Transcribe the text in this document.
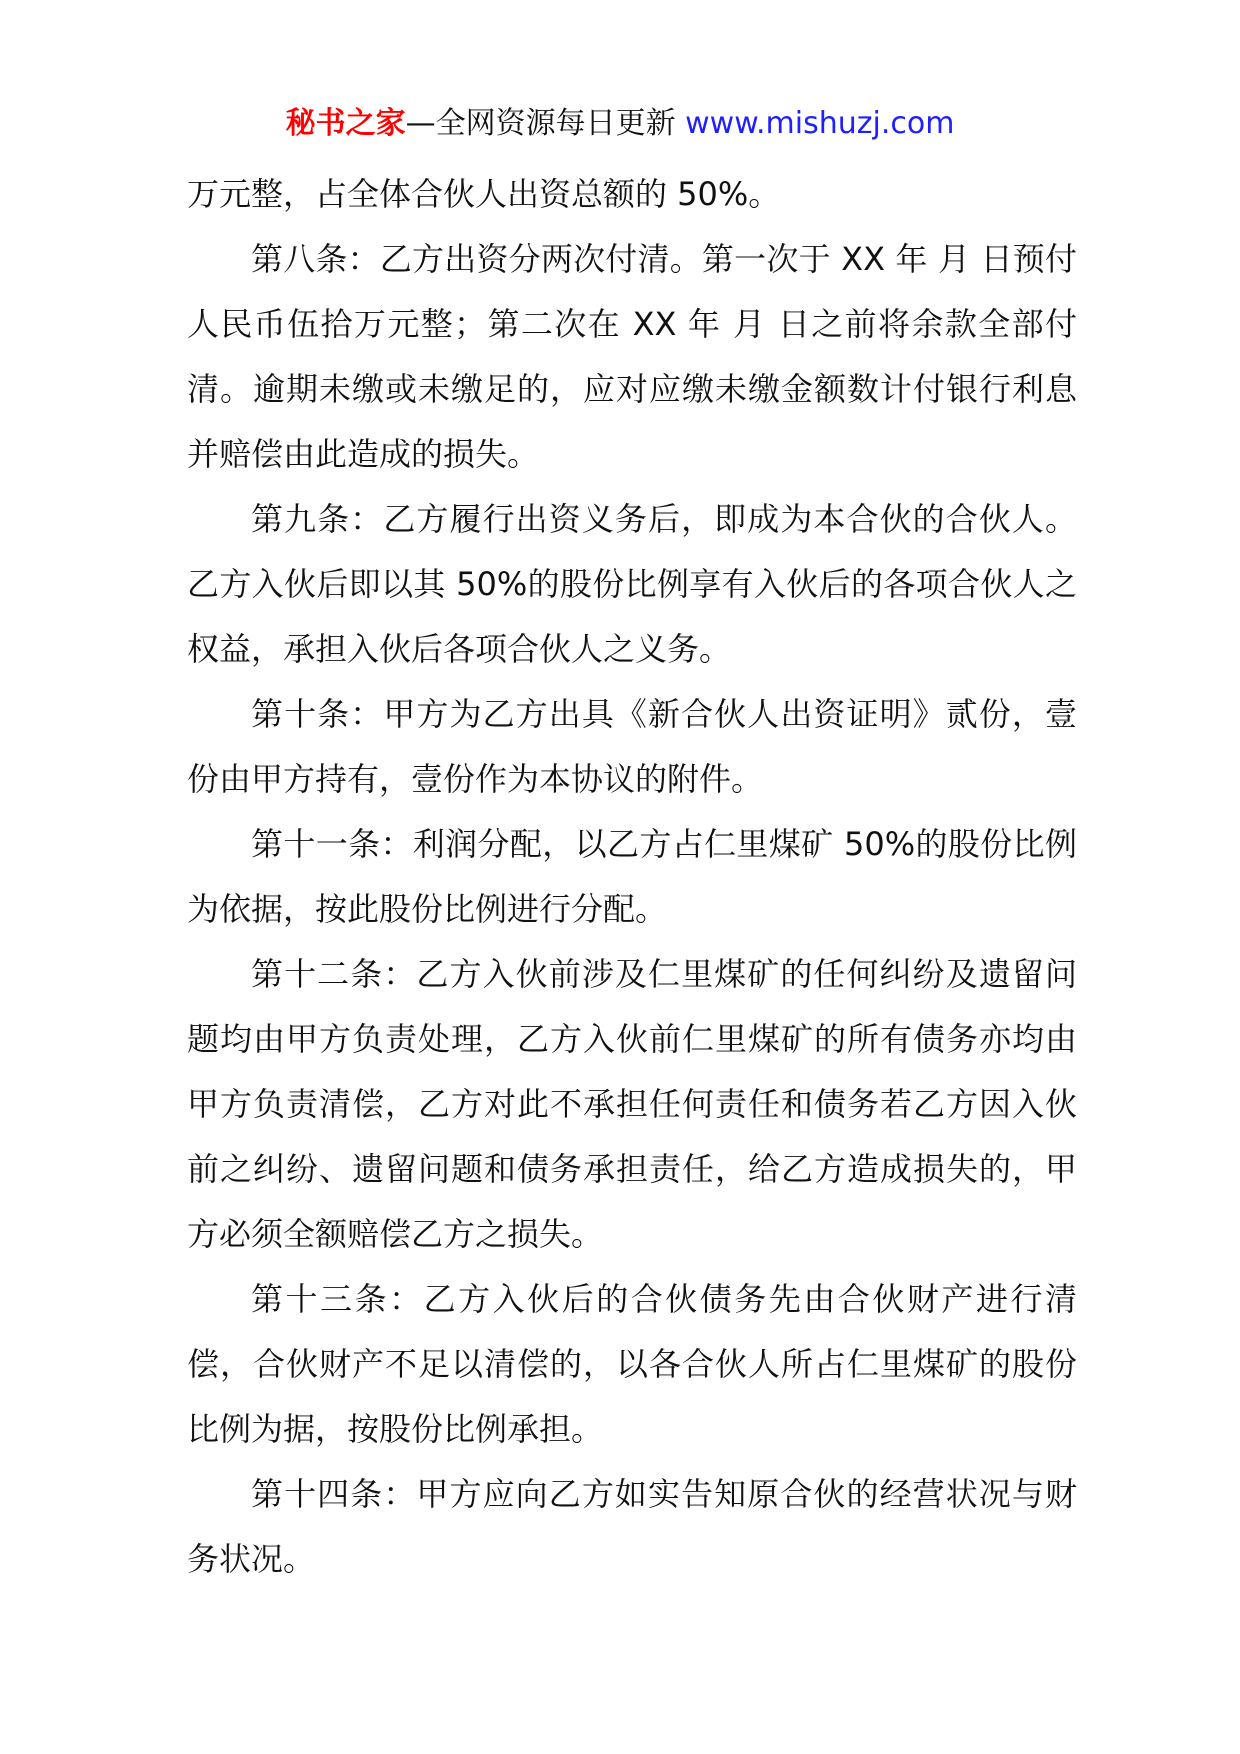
秘书之家—全网资源每日更新 www.mishuzj.com

万元整，占全体合伙人出资总额的 50%。

第八条：乙方出资分两次付清。第一次于 XX 年 月 日预付人民币伍拾万元整；第二次在 XX 年 月 日之前将余款全部付清。逾期未缴或未缴足的，应对应缴未缴金额数计付银行利息并赔偿由此造成的损失。

第九条：乙方履行出资义务后，即成为本合伙的合伙人。乙方入伙后即以其 50%的股份比例享有入伙后的各项合伙人之权益，承担入伙后各项合伙人之义务。

第十条：甲方为乙方出具《新合伙人出资证明》贰份，壹份由甲方持有，壹份作为本协议的附件。

第十一条：利润分配，以乙方占仁里煤矿 50%的股份比例为依据，按此股份比例进行分配。

第十二条：乙方入伙前涉及仁里煤矿的任何纠纷及遗留问题均由甲方负责处理，乙方入伙前仁里煤矿的所有债务亦均由甲方负责清偿，乙方对此不承担任何责任和债务若乙方因入伙前之纠纷、遗留问题和债务承担责任，给乙方造成损失的，甲方必须全额赔偿乙方之损失。

第十三条：乙方入伙后的合伙债务先由合伙财产进行清偿，合伙财产不足以清偿的，以各合伙人所占仁里煤矿的股份比例为据，按股份比例承担。

第十四条：甲方应向乙方如实告知原合伙的经营状况与财务状况。
